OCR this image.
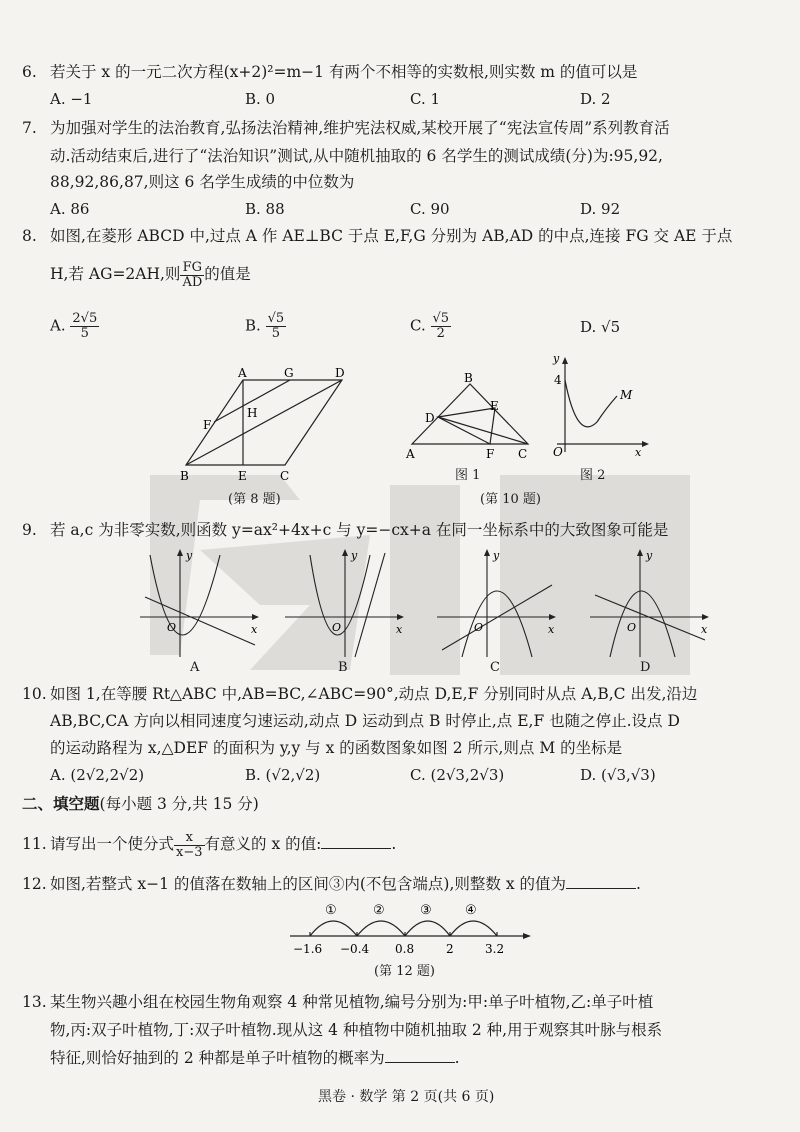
6. 若关于 x 的一元二次方程(x+2)²=m−1 有两个不相等的实数根,则实数 m 的值可以是
A. −1	B. 0	C. 1	D. 2
7. 为加强对学生的法治教育,弘扬法治精神,维护宪法权威,某校开展了“宪法宣传周”系列教育活
动.活动结束后,进行了“法治知识”测试,从中随机抽取的 6 名学生的测试成绩(分)为:95,92,
88,92,86,87,则这 6 名学生成绩的中位数为
A. 86	B. 88	C. 90	D. 92
8. 如图,在菱形 ABCD 中,过点 A 作 AE⊥BC 于点 E,F,G 分别为 AB,AD 的中点,连接 FG 交 AE 于点
H,若 AG=2AH,则 $\frac{FG}{AD}$ 的值是
A. $\frac{2√5}{5}$	B. $\frac{√5}{5}$	C. $\frac{√5}{2}$	D. √5
A	G	D
H
F
B	E	C
(第 8 题)
B
E
D
A	F C
图 1
y
4
M
O	x
图 2
(第 10 题)
9. 若 a,c 为非零实数,则函数 y=ax²+4x+c 与 y=−cx+a 在同一坐标系中的大致图象可能是
y
x
O
A
y
x
O
B
y
x
O
C
y
x
O
D
10. 如图 1,在等腰 Rt△ABC 中,AB=BC,∠ABC=90°,动点 D,E,F 分别同时从点 A,B,C 出发,沿边
AB,BC,CA 方向以相同速度匀速运动,动点 D 运动到点 B 时停止,点 E,F 也随之停止.设点 D
的运动路程为 x,△DEF 的面积为 y,y 与 x 的函数图象如图 2 所示,则点 M 的坐标是
A. (2√2,2√2)	B. (√2,√2)	C. (2√3,2√3)	D. (√3,√3)
二、填空题(每小题 3 分,共 15 分)
11. 请写出一个使分式 $\frac{x}{x-3}$ 有意义的 x 的值:	.
12. 如图,若整式 x−1 的值落在数轴上的区间③内(不包含端点),则整数 x 的值为	.
①	②	③	④
−1.6 −0.4 0.8	2	3.2
(第 12 题)
13. 某生物兴趣小组在校园生物角观察 4 种常见植物,编号分别为:甲:单子叶植物,乙:单子叶植
物,丙:双子叶植物,丁:双子叶植物.现从这 4 种植物中随机抽取 2 种,用于观察其叶脉与根系
特征,则恰好抽到的 2 种都是单子叶植物的概率为	.
黑卷 · 数学 第 2 页(共 6 页)
